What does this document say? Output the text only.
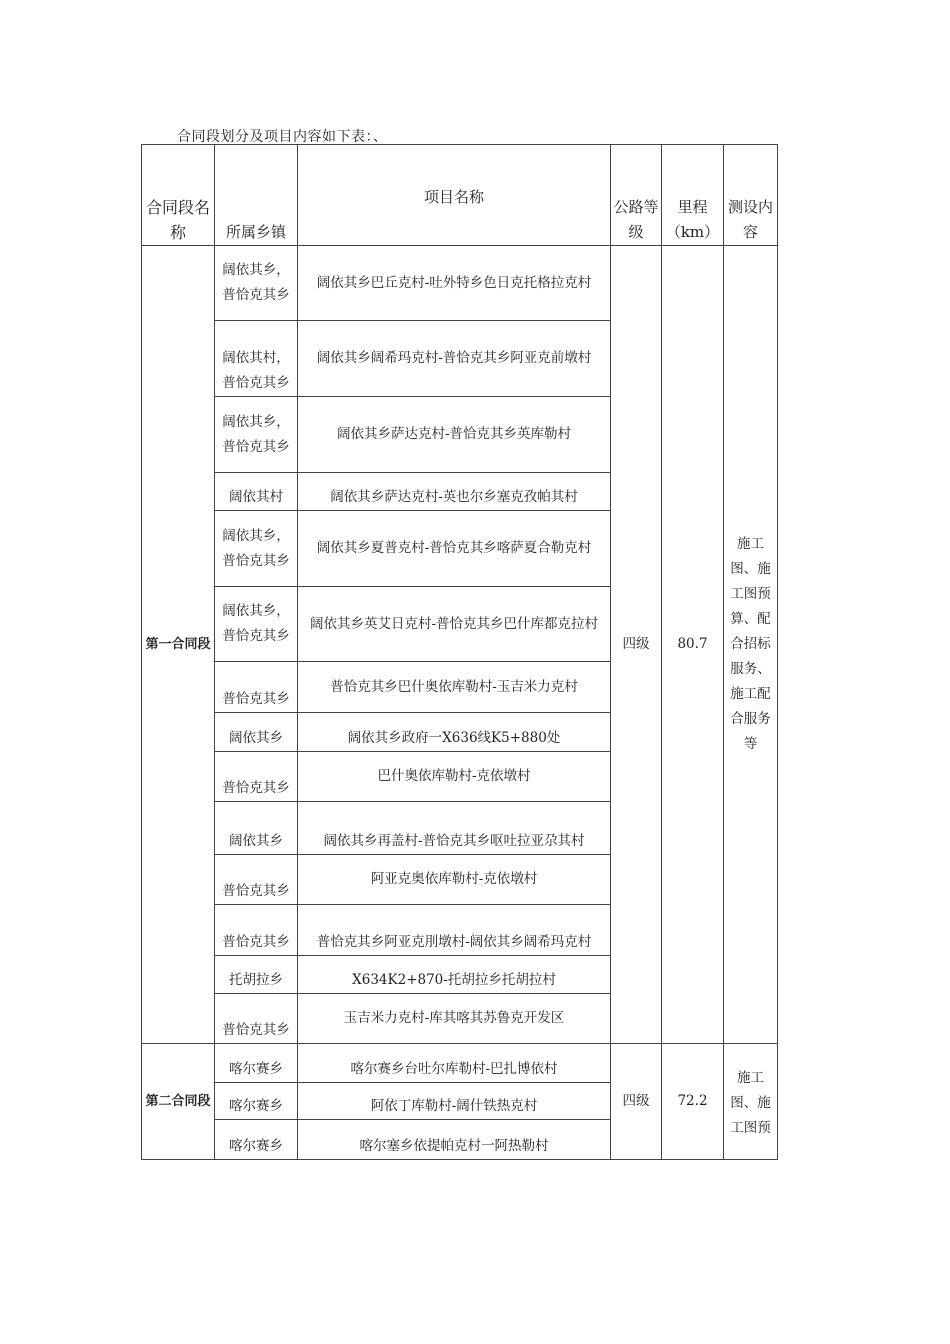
合同段划分及项目内容如下表：、
合同段名称	所属乡镇	项目名称	公路等级	里程（km）	测设内容
第一合同段	阔依其乡，普恰克其乡	阔依其乡巴丘克村-吐外特乡色日克托格拉克村	四级	80.7	施工图、施工图预算、配合招标服务、施工配合服务等
	阔依其村，普恰克其乡	阔依其乡阔希玛克村-普恰克其乡阿亚克前墩村			
	阔依其乡，普恰克其乡	阔依其乡萨达克村-普恰克其乡英库勒村			
	阔依其村	阔依其乡萨达克村-英也尔乡塞克孜帕其村			
	阔依其乡，普恰克其乡	阔依其乡夏普克村-普恰克其乡喀萨夏合勒克村			
	阔依其乡，普恰克其乡	阔依其乡英艾日克村-普恰克其乡巴什库都克拉村			
	普恰克其乡	普恰克其乡巴什奥依库勒村-玉吉米力克村			
	阔依其乡	阔依其乡政府一X636线K5+880处			
	普恰克其乡	巴什奥依库勒村-克依墩村			
	阔依其乡	阔依其乡再盖村-普恰克其乡呕吐拉亚尕其村			
	普恰克其乡	阿亚克奥依库勒村-克依墩村			
	普恰克其乡	普恰克其乡阿亚克刖墩村-阔依其乡阔希玛克村			
	托胡拉乡	X634K2+870-托胡拉乡托胡拉村			
	普恰克其乡	玉吉米力克村-库其喀其苏鲁克开发区			
第二合同段	喀尔赛乡	喀尔赛乡台吐尔库勒村-巴扎博依村	四级	72.2	施工图、施工图预
	喀尔赛乡	阿依丁库勒村-阔什铁热克村			
	喀尔赛乡	喀尔塞乡依提帕克村一阿热勒村			
